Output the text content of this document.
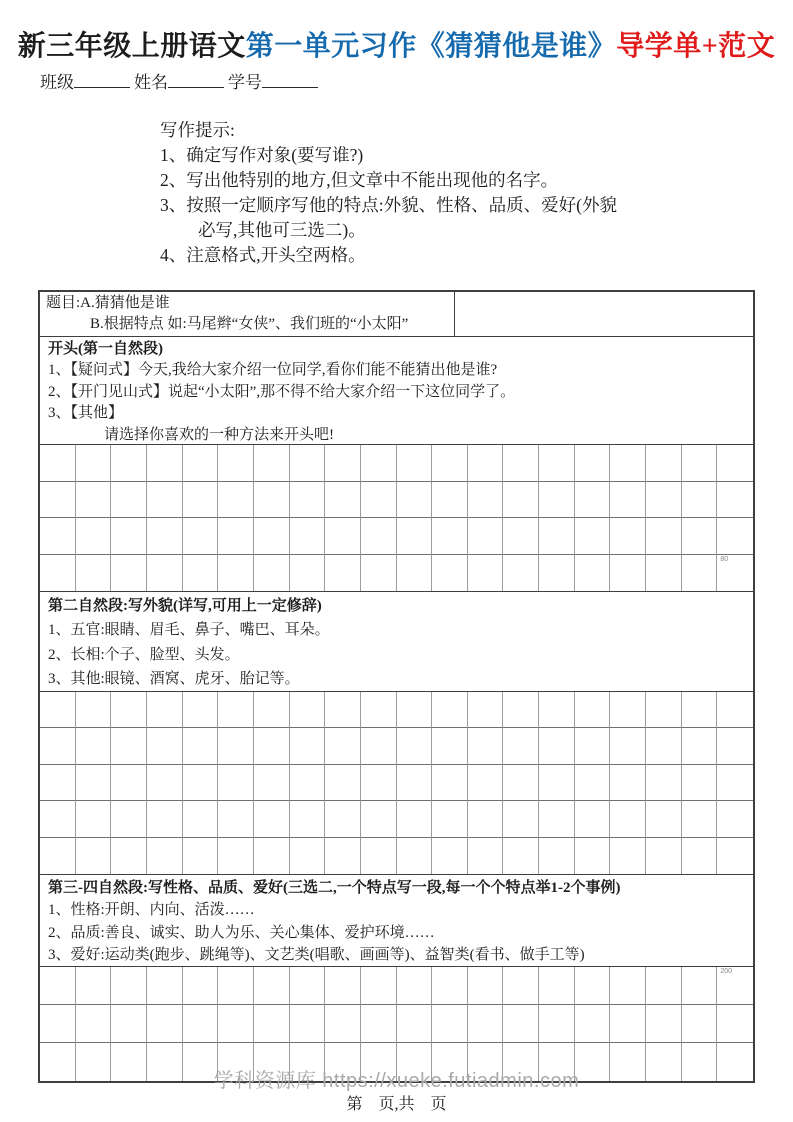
新三年级上册语文第一单元习作《猜猜他是谁》导学单+范文
班级	姓名	学号
写作提示:
1、确定写作对象(要写谁?)
2、写出他特别的地方,但文章中不能出现他的名字。
3、按照一定顺序写他的特点:外貌、性格、品质、爱好(外貌
必写,其他可三选二)。
4、注意格式,开头空两格。
题目:A.猜猜他是谁
B.根据特点 如:马尾辫“女侠”、我们班的“小太阳”
开头(第一自然段)
1、【疑问式】今天,我给大家介绍一位同学,看你们能不能猜出他是谁?
2、【开门见山式】说起“小太阳”,那不得不给大家介绍一下这位同学了。
3、【其他】
请选择你喜欢的一种方法来开头吧!
80
第二自然段:写外貌(详写,可用上一定修辞)
1、五官:眼睛、眉毛、鼻子、嘴巴、耳朵。
2、长相:个子、脸型、头发。
3、其他:眼镜、酒窝、虎牙、胎记等。
第三-四自然段:写性格、品质、爱好(三选二,一个特点写一段,每一个个特点举1-2个事例)
1、性格:开朗、内向、活泼……
2、品质:善良、诚实、助人为乐、关心集体、爱护环境……
3、爱好:运动类(跑步、跳绳等)、文艺类(唱歌、画画等)、益智类(看书、做手工等)
200
学科资源库 https://xueke.futiadmin.com
第　页,共　页
